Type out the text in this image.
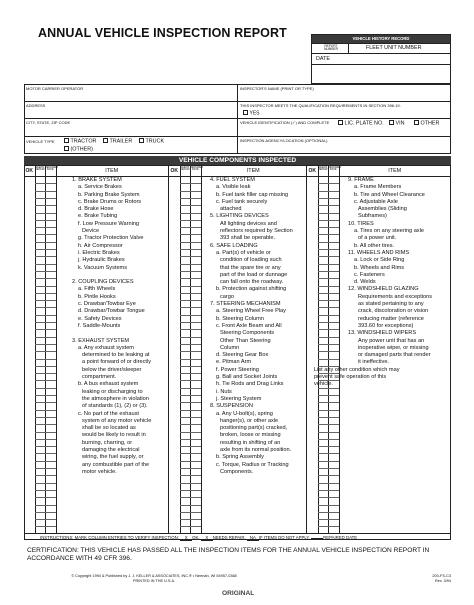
ANNUAL VEHICLE INSPECTION REPORT	VEHICLE HISTORY RECORD
REPORT NUMBER	FLEET UNIT NUMBER
DATE
MOTOR CARRIER OPERATOR	INSPECTOR'S NAME (PRINT OR TYPE)
ADDRESS	THIS INSPECTOR MEETS THE QUALIFICATION REQUIREMENTS IN SECTION 396.19.
YES
CITY, STATE, ZIP CODE	VEHICLE IDENTIFICATION (✓) AND COMPLETE	LIC. PLATE NO.	VIN	OTHER
VEHICLE TYPE	TRACTOR	TRAILER	TRUCK
(OTHER)
INSPECTION AGENCY/LOCATION (OPTIONAL)
VEHICLE COMPONENTS INSPECTED
OK
NEEDS REPAIR
REPAIRED DATE	ITEM	OK
NEEDS REPAIR
REPAIRED DATE	ITEM	OK
NEEDS REPAIR
REPAIRED DATE	ITEM
1. BRAKE SYSTEM
a. Service Brakes
b. Parking Brake System
c. Brake Drums or Rotors
d. Brake Hose
e. Brake Tubing
f. Low Pressure Warning
Device
g. Tractor Protection Valve
h. Air Compressor
i. Electric Brakes
j. Hydraulic Brakes
k. Vacuum Systems
2. COUPLING DEVICES
a. Fifth Wheels
b. Pintle Hooks
c. Drawbar/Towbar Eye
d. Drawbar/Towbar Tongue
e. Safety Devices
f. Saddle-Mounts
3. EXHAUST SYSTEM
a. Any exhaust system
determined to be leaking at
a point forward of or directly
below the driver/sleeper
compartment.
b. A bus exhaust system
leaking or discharging to
the atmosphere in violation
of standards (1), (2) or (3).
c. No part of the exhaust
system of any motor vehicle
shall be so located as
would be likely to result in
burning, charring, or
damaging the electrical
wiring, the fuel supply, or
any combustible part of the
motor vehicle.
4. FUEL SYSTEM
a. Visible leak
b. Fuel tank filler cap missing
c. Fuel tank securely
attached
5. LIGHTING DEVICES
All lighting devices and
reflectors required by Section
393 shall be operable.
6. SAFE LOADING
a. Part(s) of vehicle or
condition of loading such
that the spare tire or any
part of the load or dunnage
can fall onto the roadway.
b. Protection against shifting
cargo
7. STEERING MECHANISM
a. Steering Wheel Free Play
b. Steering Column
c. Front Axle Beam and All
Steering Components
Other Than Steering
Column
d. Steering Gear Box
e. Pitman Arm
f. Power Steering
g. Ball and Socket Joints
h. Tie Rods and Drag Links
i. Nuts
j. Steering System
8. SUSPENSION
a. Any U-bolt(s), spring
hanger(s), or other axle
positioning part(s) cracked,
broken, loose or missing
resulting in shifting of an
axle from its normal position.
b. Spring Assembly
c. Torque, Radius or Tracking
Components.
9. FRAME
a. Frame Members
b. Tire and Wheel Clearance
c. Adjustable Axle
Assemblies (Sliding
Subframes)
10. TIRES
a. Tires on any steering axle
of a power unit.
b. All other tires.
11. WHEELS AND RIMS
a. Lock or Side Ring
b. Wheels and Rims
c. Fasteners
d. Welds
12. WINDSHIELD GLAZING
Requirements and exceptions
as stated pertaining to any
crack, discoloration or vision
reducing matter (reference
393.60 for exceptions)
13. WINDSHIELD WIPERS
Any power unit that has an
inoperative wiper, or missing
or damaged parts that render
it ineffective.
List any other condition which may
prevent safe operation of this
vehicle.
INSTRUCTIONS: MARK COLUMN ENTRIES TO VERIFY INSPECTION: X OK, X NEEDS REPAIR, NA IF ITEMS DO NOT APPLY,	REPAIRED DATE
CERTIFICATION: THIS VEHICLE HAS PASSED ALL THE INSPECTION ITEMS FOR THE ANNUAL VEHICLE INSPECTION REPORT IN ACCORDANCE WITH 49 CFR 396.
© Copyright 1994 & Published by J. J. KELLER & ASSOCIATES, INC.® • Neenah, WI 54957-0368
PRINTED IN THE U.S.A.
200-FS-C3
Rev. 3/94
ORIGINAL
